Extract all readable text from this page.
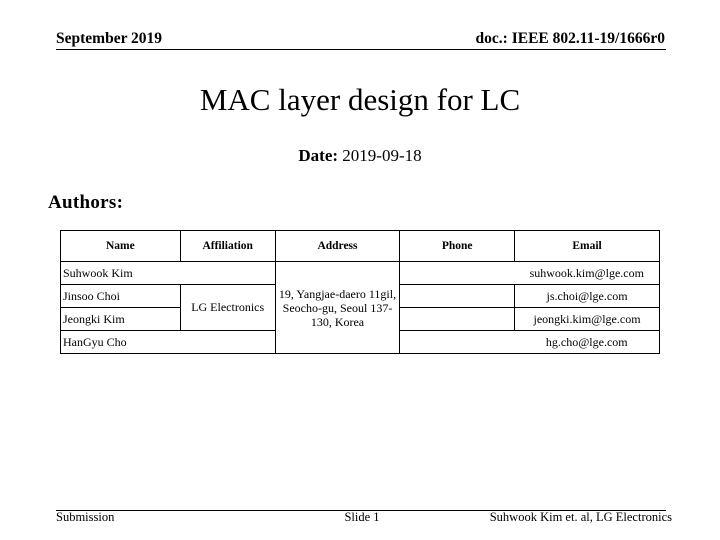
September 2019	doc.: IEEE 802.11-19/1666r0
MAC layer design for LC
Date: 2019-09-18
Authors:
Name	Affiliation	Address	Phone	Email
Suhwook Kim		19, Yangjae-daero 11gil, Seocho-gu, Seoul 137-130, Korea		suhwook.kim@lge.com
Jinsoo Choi	LG Electronics			js.choi@lge.com
Jeongki Kim				jeongki.kim@lge.com
HanGyu Cho				hg.cho@lge.com
Submission	Slide 1	Suhwook Kim et. al, LG Electronics
